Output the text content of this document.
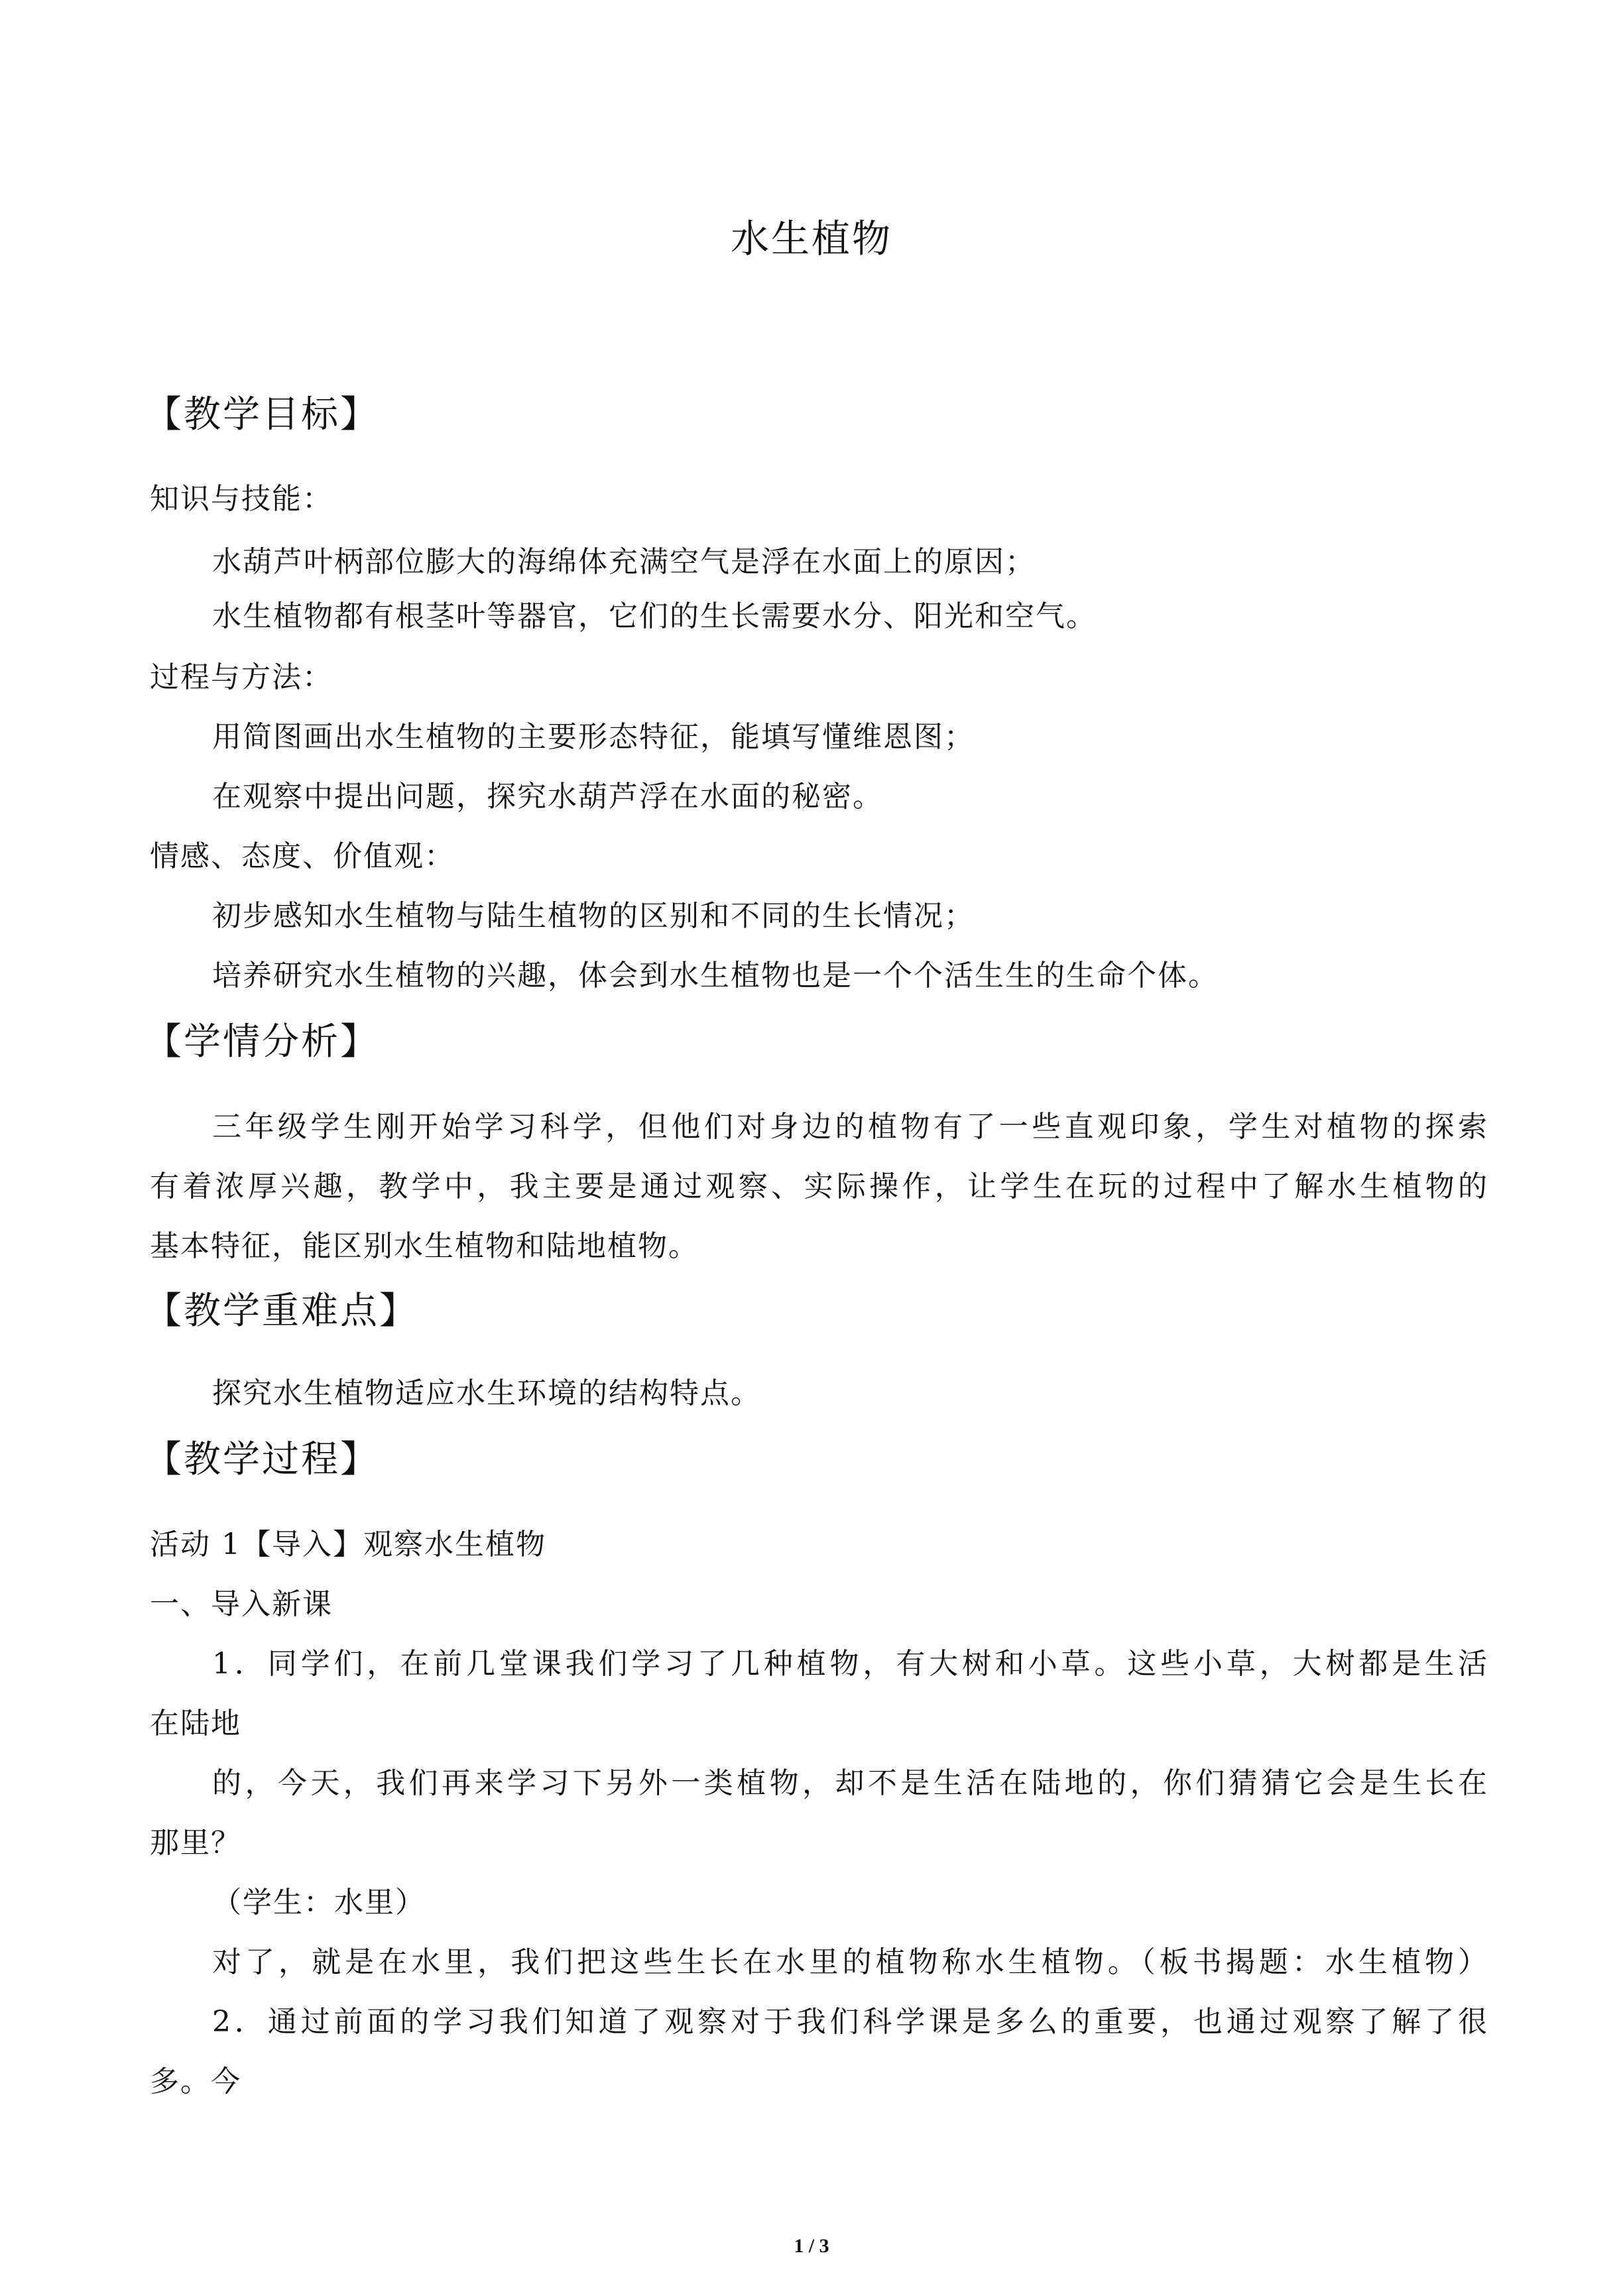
水生植物
【教学目标】
知识与技能：
水葫芦叶柄部位膨大的海绵体充满空气是浮在水面上的原因；
水生植物都有根茎叶等器官，它们的生长需要水分、阳光和空气。
过程与方法：
用简图画出水生植物的主要形态特征，能填写懂维恩图；
在观察中提出问题，探究水葫芦浮在水面的秘密。
情感、态度、价值观：
初步感知水生植物与陆生植物的区别和不同的生长情况；
培养研究水生植物的兴趣，体会到水生植物也是一个个活生生的生命个体。
【学情分析】
三年级学生刚开始学习科学，但他们对身边的植物有了一些直观印象，学生对植物的探索
有着浓厚兴趣，教学中，我主要是通过观察、实际操作，让学生在玩的过程中了解水生植物的
基本特征，能区别水生植物和陆地植物。
【教学重难点】
探究水生植物适应水生环境的结构特点。
【教学过程】
活动 1【导入】观察水生植物
一、导入新课
1．同学们，在前几堂课我们学习了几种植物，有大树和小草。这些小草，大树都是生活
在陆地
的，今天，我们再来学习下另外一类植物，却不是生活在陆地的，你们猜猜它会是生长在
那里？
（学生：水里）
对了，就是在水里，我们把这些生长在水里的植物称水生植物。（板书揭题：水生植物）
2．通过前面的学习我们知道了观察对于我们科学课是多么的重要，也通过观察了解了很
多。今
1 / 3
